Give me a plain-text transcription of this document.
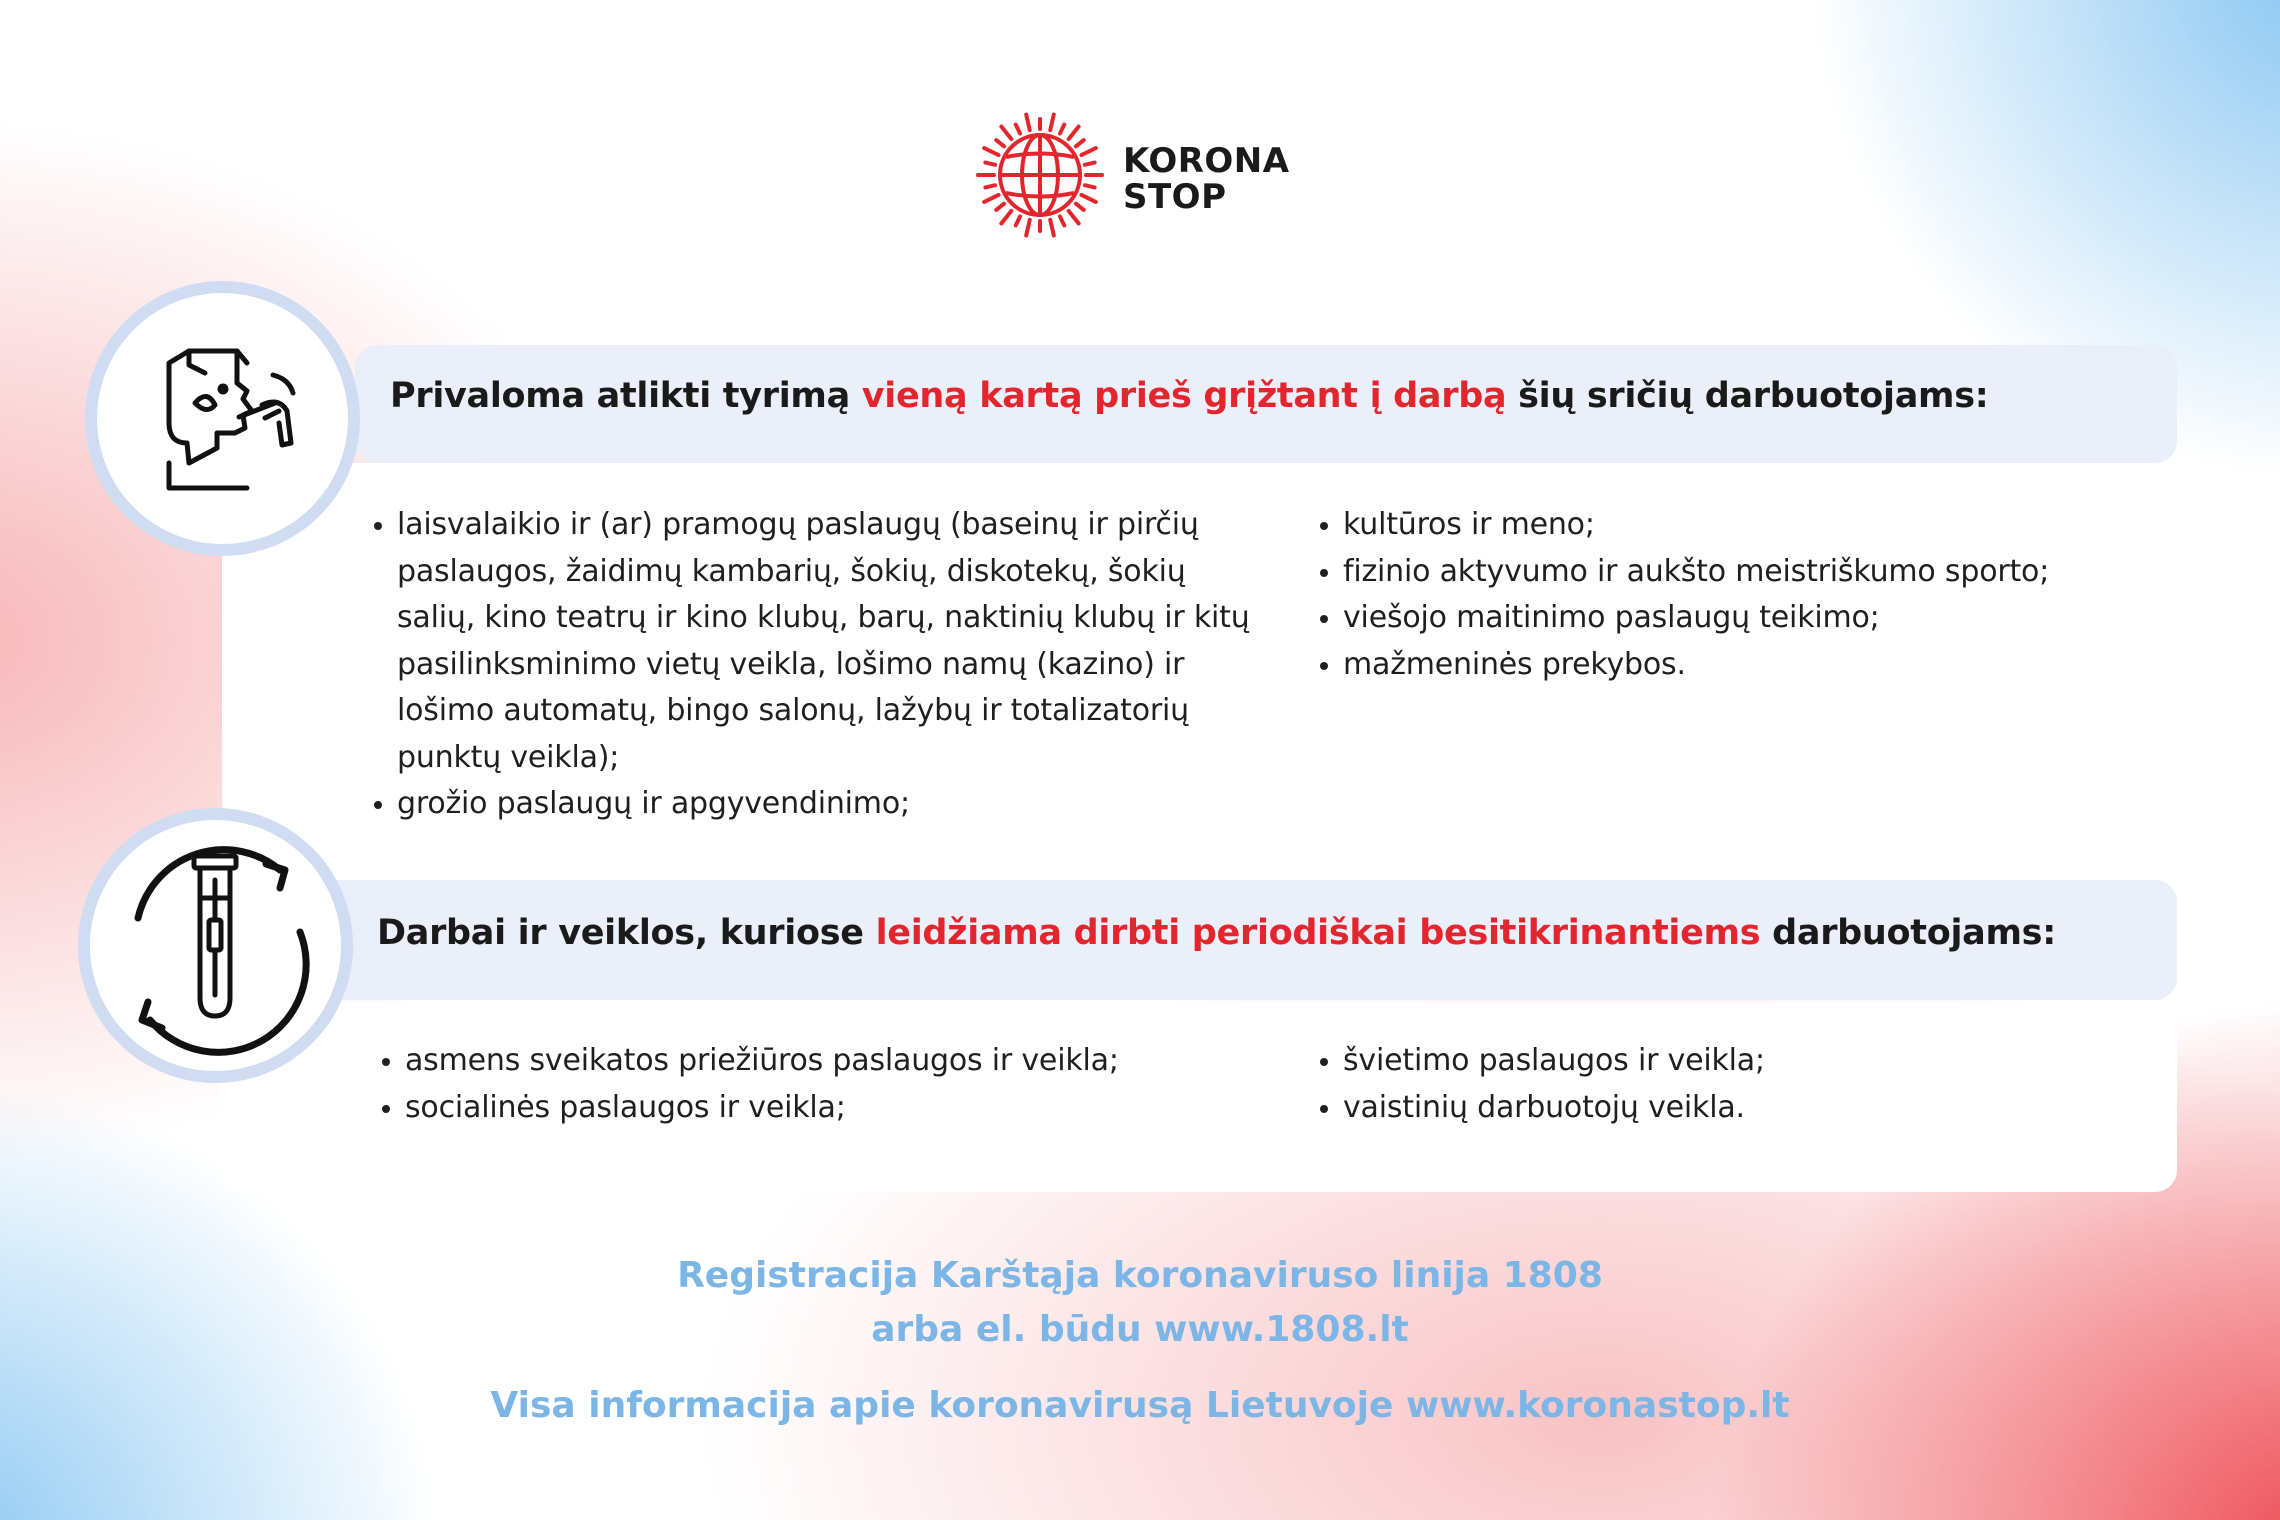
KORONA
STOP
Privaloma atlikti tyrimą vieną kartą prieš grįžtant į darbą šių sričių darbuotojams:
laisvalaikio ir (ar) pramogų paslaugų (baseinų ir pirčių paslaugos, žaidimų kambarių, šokių, diskotekų, šokių salių, kino teatrų ir kino klubų, barų, naktinių klubų ir kitų pasilinksminimo vietų veikla, lošimo namų (kazino) ir lošimo automatų, bingo salonų, lažybų ir totalizatorių punktų veikla);
grožio paslaugų ir apgyvendinimo;
kultūros ir meno;
fizinio aktyvumo ir aukšto meistriškumo sporto;
viešojo maitinimo paslaugų teikimo;
mažmeninės prekybos.
Darbai ir veiklos, kuriose leidžiama dirbti periodiškai besitikrinantiems darbuotojams:
asmens sveikatos priežiūros paslaugos ir veikla;
socialinės paslaugos ir veikla;
švietimo paslaugos ir veikla;
vaistinių darbuotojų veikla.
Registracija Karštąja koronaviruso linija 1808
arba el. būdu www.1808.lt
Visa informacija apie koronavirusą Lietuvoje www.koronastop.lt
